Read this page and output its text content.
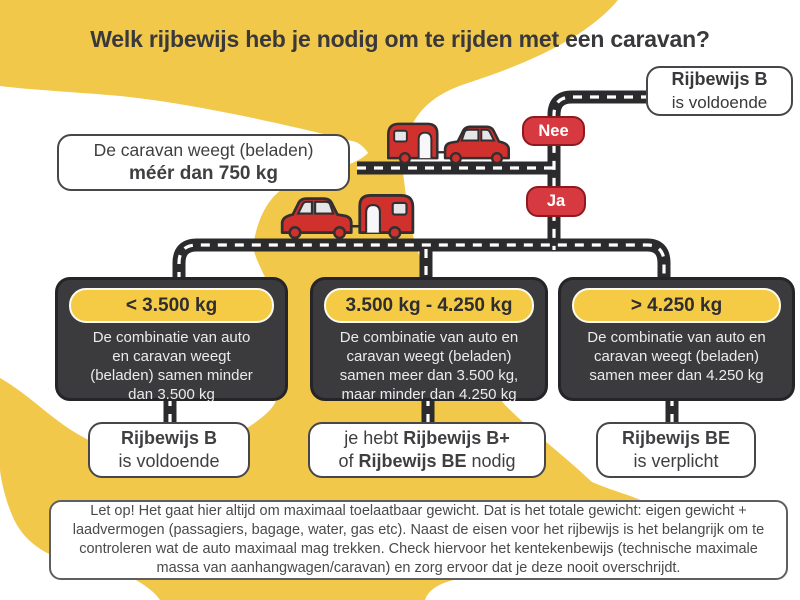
Welk rijbewijs heb je nodig om te rijden met een caravan?
Rijbewijs B
is voldoende
De caravan weegt (beladen)
méér dan 750 kg
Nee
Ja
< 3.500 kg
De combinatie van auto en caravan weegt (beladen) samen minder dan 3.500 kg
3.500 kg - 4.250 kg
De combinatie van auto en caravan weegt (beladen) samen meer dan 3.500 kg, maar minder dan 4.250 kg
> 4.250 kg
De combinatie van auto en caravan weegt (beladen) samen meer dan 4.250 kg
Rijbewijs B
is voldoende
je hebt Rijbewijs B+
of Rijbewijs BE nodig
Rijbewijs BE
is verplicht
Let op! Het gaat hier altijd om maximaal toelaatbaar gewicht. Dat is het totale gewicht: eigen gewicht + laadvermogen (passagiers, bagage, water, gas etc). Naast de eisen voor het rijbewijs is het belangrijk om te controleren wat de auto maximaal mag trekken. Check hiervoor het kentekenbewijs (technische maximale massa van aanhangwagen/caravan) en zorg ervoor dat je deze nooit overschrijdt.
